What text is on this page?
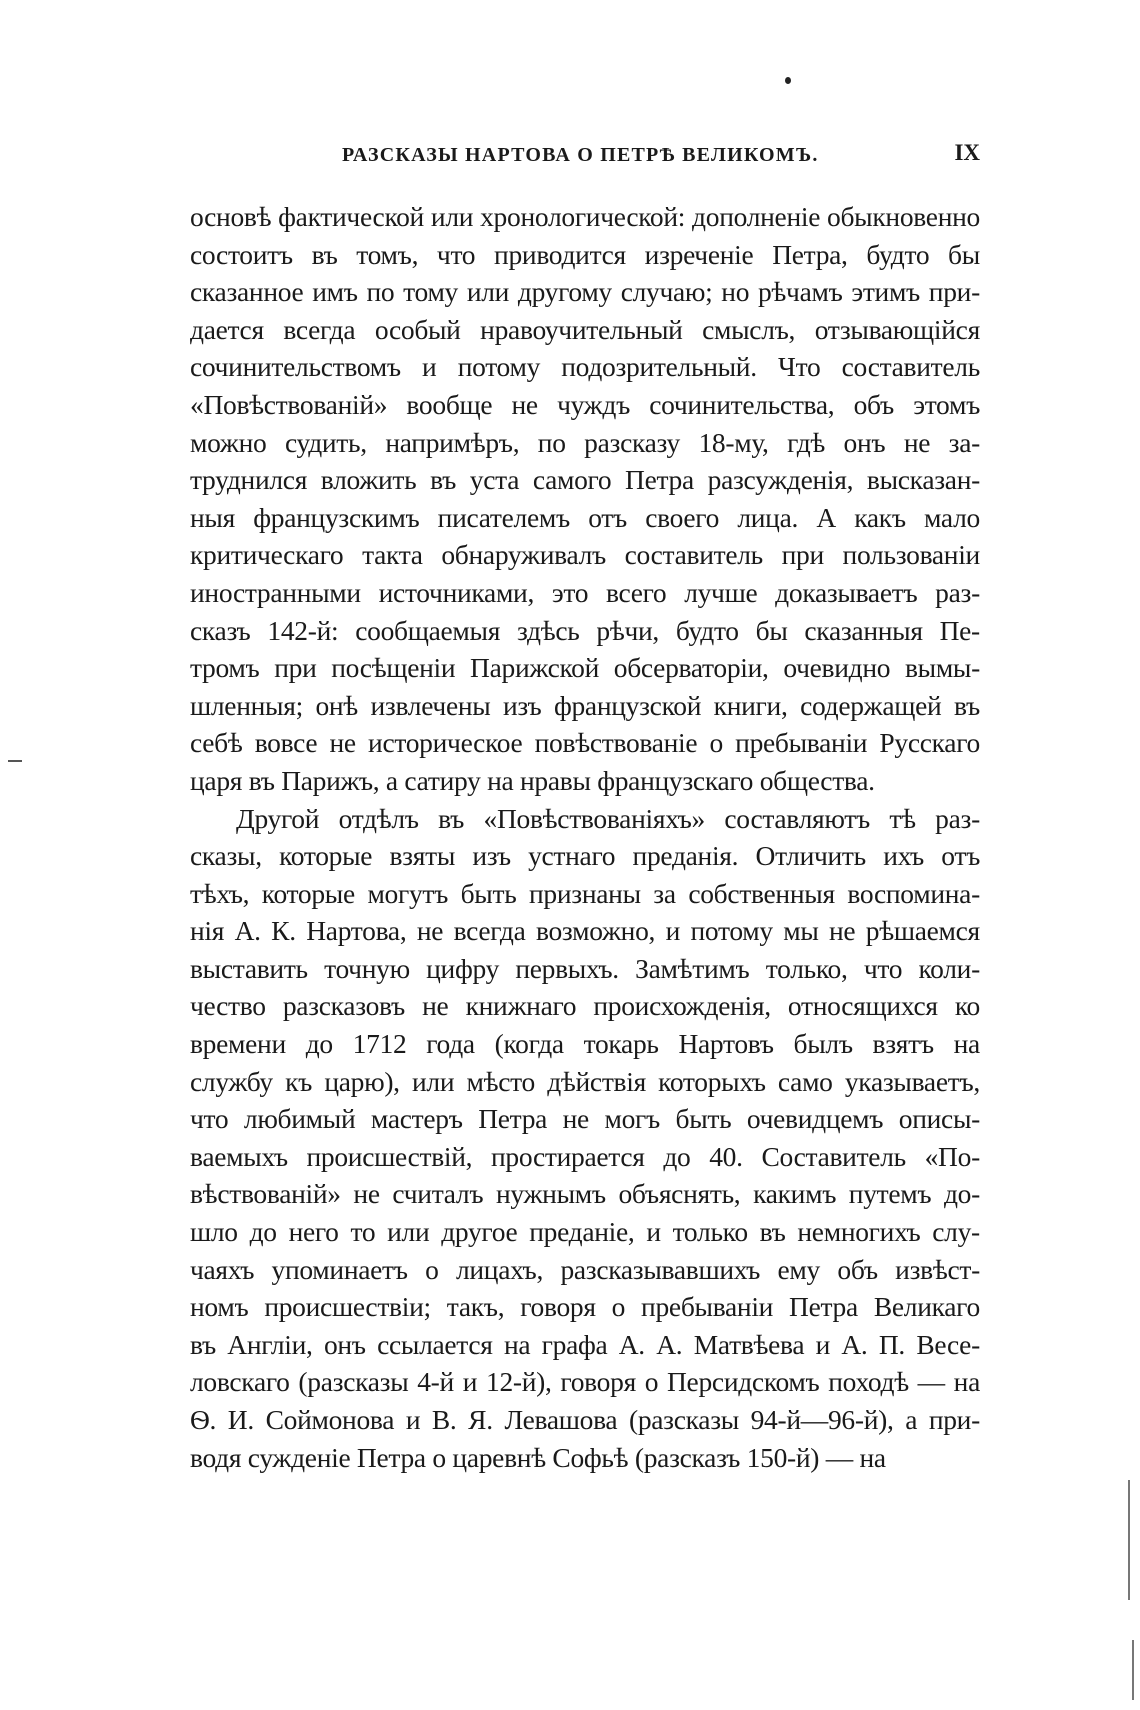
РАЗСКАЗЫ НАРТОВА О ПЕТРѢ ВЕЛИКОМЪ.	IX
основѣ фактической или хронологической: дополненіе обыкновенно
состоитъ въ томъ, что приводится изреченіе Петра, будто бы
сказанное имъ по тому или другому случаю; но рѣчамъ этимъ при-
дается всегда особый нравоучительный смыслъ, отзывающійся
сочинительствомъ и потому подозрительный. Что составитель
«Повѣствованій» вообще не чуждъ сочинительства, объ этомъ
можно судить, напримѣръ, по разсказу 18-му, гдѣ онъ не за-
труднился вложить въ уста самого Петра разсужденія, высказан-
ныя французскимъ писателемъ отъ своего лица. А какъ мало
критическаго такта обнаруживалъ составитель при пользованіи
иностранными источниками, это всего лучше доказываетъ раз-
сказъ 142-й: сообщаемыя здѣсь рѣчи, будто бы сказанныя Пе-
тромъ при посѣщеніи Парижской обсерваторіи, очевидно вымы-
шленныя; онѣ извлечены изъ французской книги, содержащей въ
себѣ вовсе не историческое повѣствованіе о пребываніи Русскаго
царя въ Парижъ, а сатиру на нравы французскаго общества.
Другой отдѣлъ въ «Повѣствованіяхъ» составляютъ тѣ раз-
сказы, которые взяты изъ устнаго преданія. Отличить ихъ отъ
тѣхъ, которые могутъ быть признаны за собственныя воспомина-
нія А. К. Нартова, не всегда возможно, и потому мы не рѣшаемся
выставить точную цифру первыхъ. Замѣтимъ только, что коли-
чество разсказовъ не книжнаго происхожденія, относящихся ко
времени до 1712 года (когда токарь Нартовъ былъ взятъ на
службу къ царю), или мѣсто дѣйствія которыхъ само указываетъ,
что любимый мастеръ Петра не могъ быть очевидцемъ описы-
ваемыхъ происшествій, простирается до 40. Составитель «По-
вѣствованій» не считалъ нужнымъ объяснять, какимъ путемъ до-
шло до него то или другое преданіе, и только въ немногихъ слу-
чаяхъ упоминаетъ о лицахъ, разсказывавшихъ ему объ извѣст-
номъ происшествіи; такъ, говоря о пребываніи Петра Великаго
въ Англіи, онъ ссылается на графа А. А. Матвѣева и А. П. Весе-
ловскаго (разсказы 4-й и 12-й), говоря о Персидскомъ походѣ — на
Ѳ. И. Соймонова и В. Я. Левашова (разсказы 94-й—96-й), а при-
водя сужденіе Петра о царевнѣ Софьѣ (разсказъ 150-й) — на
